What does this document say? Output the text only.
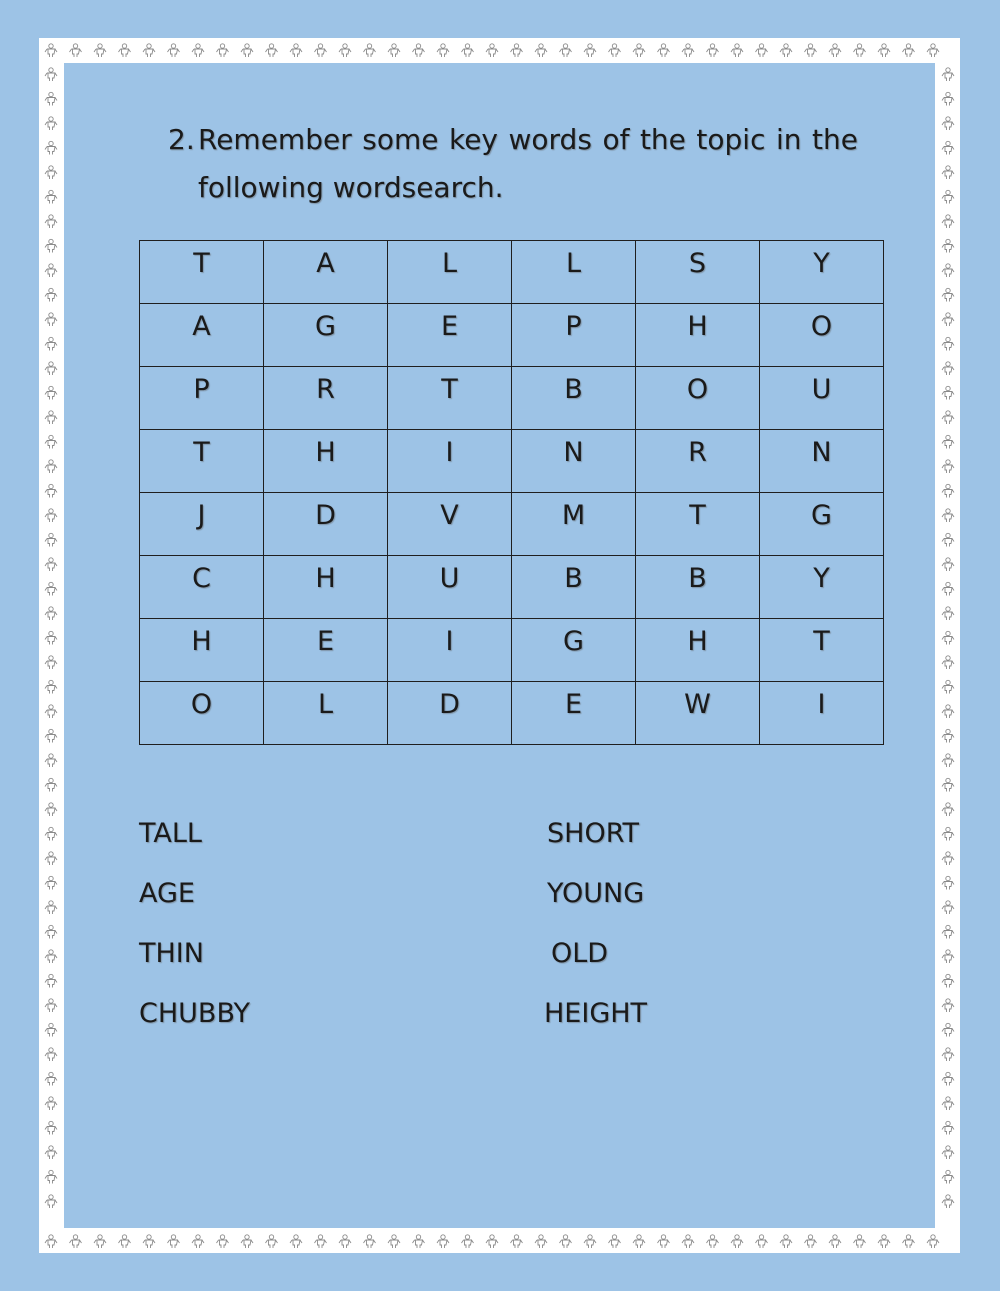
2. Remember some key words of the topic in the
following wordsearch.
T	A	L	L	S	Y
A	G	E	P	H	O
P	R	T	B	O	U
T	H	I	N	R	N
J	D	V	M	T	G
C	H	U	B	B	Y
H	E	I	G	H	T
O	L	D	E	W	I
TALL
AGE
THIN
CHUBBY
SHORT
YOUNG
OLD
HEIGHT
